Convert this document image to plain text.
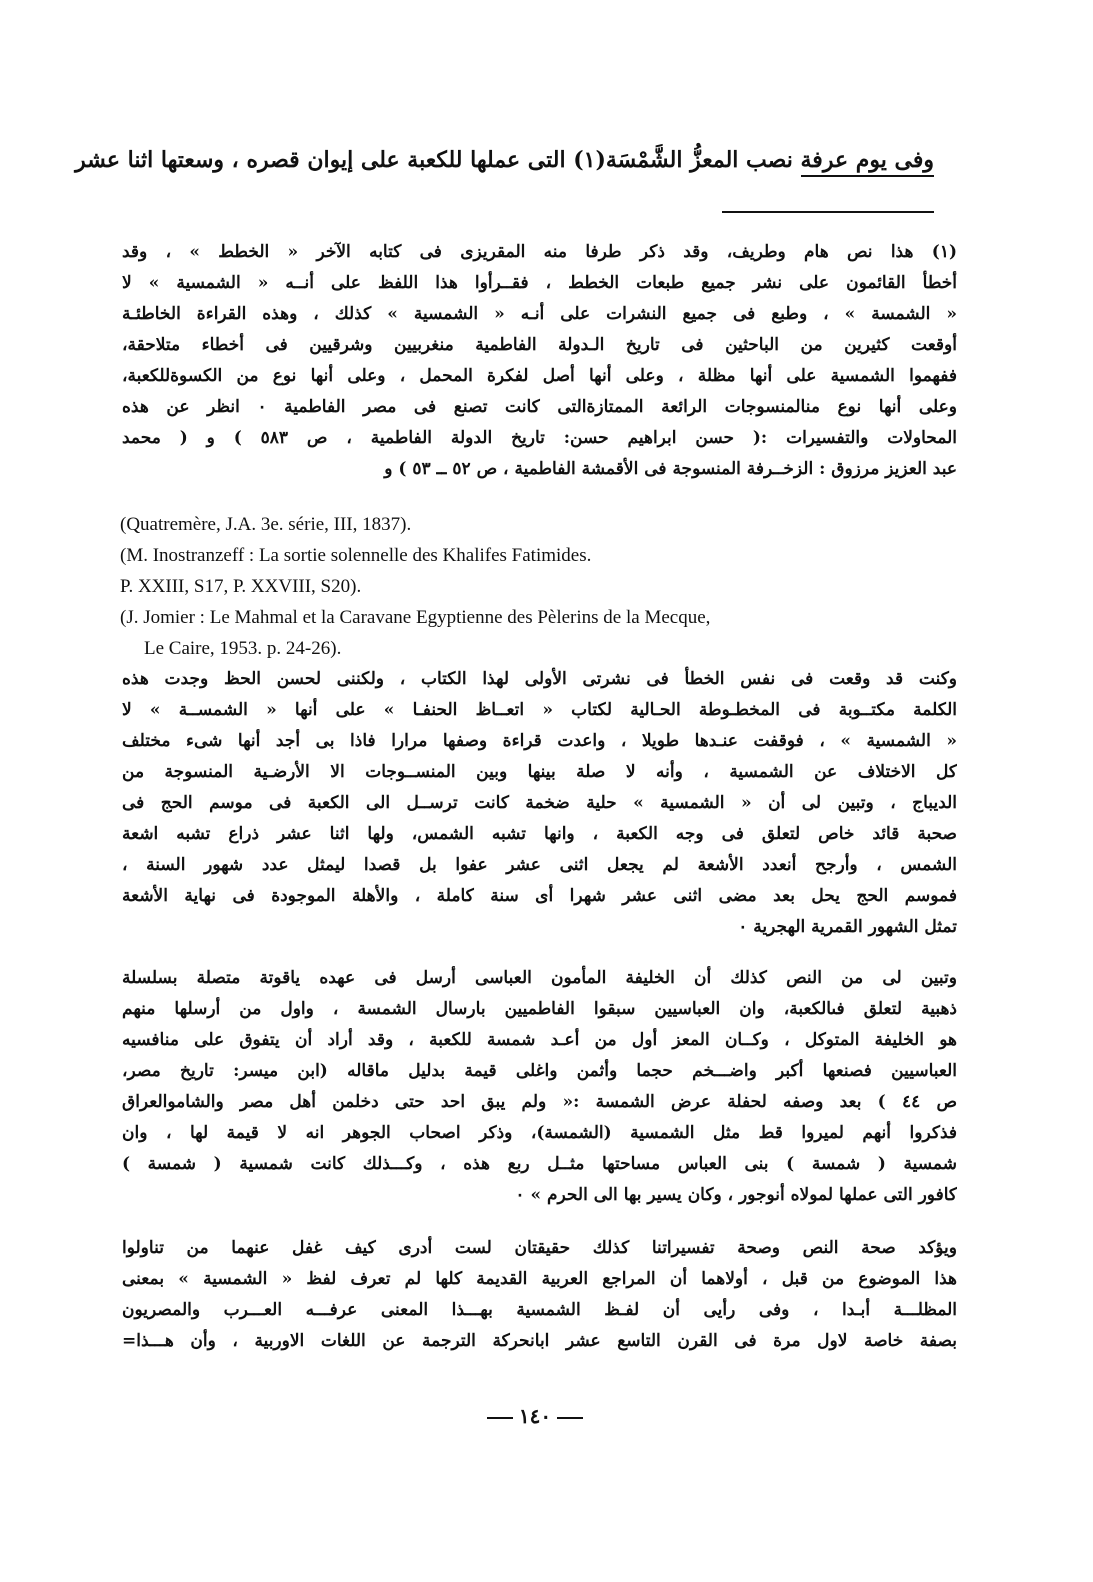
وفى يوم عرفة نصب المعزُّ الشَّمْسَة(١) التى عملها للكعبة على إيوان قصره ، وسعتها اثنا عشر
(١) هذا نص هام وطريف، وقد ذكر طرفا منه المقريزى فى كتابه الآخر « الخطط » ، وقد
أخطأ القائمون على نشر جميع طبعات الخطط ، فقــرأوا هذا اللفظ على أنــه « الشمسية » لا
« الشمسة » ، وطبع فى جميع النشرات على أنـه « الشمسية » كذلك ، وهذه القراءة الخاطئـة
أوقعت كثيرين من الباحثين فى تاريخ الـدولة الفاطمية منغربيين وشرقيين فى أخطاء متلاحقة،
ففهموا الشمسية على أنها مظلة ، وعلى أنها أصل لفكرة المحمل ، وعلى أنها نوع من الكسوةللكعبة،
وعلى أنها نوع منالمنسوجات الرائعة الممتازةالتى كانت تصنع فى مصر الفاطمية ٠ انظر عن هذه
المحاولات والتفسيرات :( حسن ابراهيم حسن: تاريخ الدولة الفاطمية ، ص ٥٨٣ ) و ( محمد
عبد العزيز مرزوق : الزخــرفة المنسوجة فى الأقمشة الفاطمية ، ص ٥٢ ــ ٥٣ ) و
(Quatremère, J.A. 3e. série, III, 1837).
(M. Inostranzeff : La sortie solennelle des Khalifes Fatimides.
P. XXIII, S17, P. XXVIII, S20).
(J. Jomier : Le Mahmal et la Caravane Egyptienne des Pèlerins de la Mecque,
Le Caire, 1953. p. 24-26).
وكنت قد وقعت فى نفس الخطأ فى نشرتى الأولى لهذا الكتاب ، ولكننى لحسن الحظ وجدت هذه
الكلمة مكتــوبة فى المخطـوطة الحـالية لكتاب « اتعــاظ الحنفـا » على أنها « الشمســة » لا
« الشمسية » ، فوقفت عنـدها طويلا ، واعدت قراءة وصفها مرارا فاذا بى أجد أنها شىء مختلف
كل الاختلاف عن الشمسية ، وأنه لا صلة بينها وبين المنســوجات الا الأرضـية المنسوجة من
الديباج ، وتبين لى أن « الشمسية » حلية ضخمة كانت ترســل الى الكعبة فى موسم الحج فى
صحبة قائد خاص لتعلق فى وجه الكعبة ، وانها تشبه الشمس، ولها اثنا عشر ذراع تشبه اشعة
الشمس ، وأرجح أنعدد الأشعة لم يجعل اثنى عشر عفوا بل قصدا ليمثل عدد شهور السنة ،
فموسم الحج يحل بعد مضى اثنى عشر شهرا أى سنة كاملة ، والأهلة الموجودة فى نهاية الأشعة
تمثل الشهور القمرية الهجرية ٠
وتبين لى من النص كذلك أن الخليفة المأمون العباسى أرسل فى عهده ياقوتة متصلة بسلسلة
ذهبية لتعلق فىالكعبة، وان العباسيين سبقوا الفاطميين بارسال الشمسة ، واول من أرسلها منهم
هو الخليفة المتوكل ، وكــان المعز أول من أعـد شمسة للكعبة ، وقد أراد أن يتفوق على منافسيه
العباسيين فصنعها أكبر واضـــخم حجما وأثمن واغلى قيمة بدليل ماقاله (ابن ميسر: تاريخ مصر،
ص ٤٤ ) بعد وصفه لحفلة عرض الشمسة :« ولم يبق احد حتى دخلمن أهل مصر والشاموالعراق
فذكروا أنهم لميروا قط مثل الشمسية (الشمسة)، وذكر اصحاب الجوهر انه لا قيمة لها ، وان
شمسية ( شمسة ) بنى العباس مساحتها مثــل ربع هذه ، وكـــذلك كانت شمسية ( شمسة )
كافور التى عملها لمولاه أنوجور ، وكان يسير بها الى الحرم » ٠
ويؤكد صحة النص وصحة تفسيراتنا كذلك حقيقتان لست أدرى كيف غفل عنهما من تناولوا
هذا الموضوع من قبل ، أولاهما أن المراجع العربية القديمة كلها لم تعرف لفظ « الشمسية » بمعنى
المظلـــة أبـدا ، وفى رأيى أن لفـظ الشمسية بهـــذا المعنى عرفـــه العـــرب والمصريون
بصفة خاصة لاول مرة فى القرن التاسع عشر ابانحركة الترجمة عن اللغات الاوربية ، وأن هـــذا=
١٤٠
